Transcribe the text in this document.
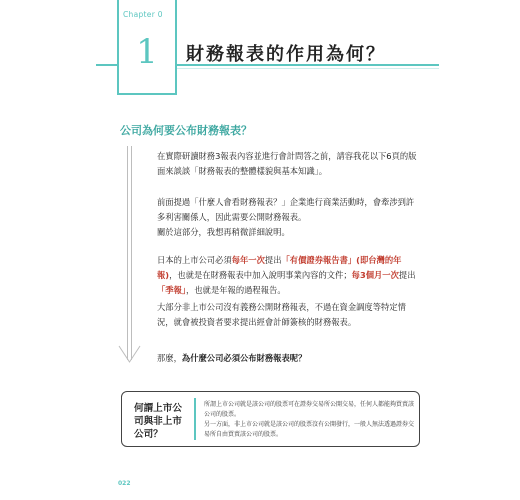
Chapter 0
1	財務報表的作用為何？
公司為何要公布財務報表？

在實際研讀財務3報表內容並進行會計問答之前，請容我花以下6頁的版面來談談「財務報表的整體樣貌與基本知識」。

前面提過「什麼人會看財務報表？」企業進行商業活動時，會牽涉到許多利害關係人，因此需要公開財務報表。

關於這部分，我想再稍微詳細說明。

日本的上市公司必須每年一次提出「有價證券報告書」(即台灣的年報)，也就是在財務報表中加入說明事業內容的文件；每3個月一次提出「季報」，也就是年報的過程報告。

大部分非上市公司沒有義務公開財務報表，不過在資金調度等特定情況，就會被投資者要求提出經會計師簽核的財務報表。

那麼，為什麼公司必須公布財務報表呢？

何謂上市公司與非上市公司？

所謂上市公司就是該公司的股票可在證券交易所公開交易，任何人都能夠買賣該公司的股票。

另一方面，非上市公司就是該公司的股票沒有公開發行，一般人無法透過證券交易所自由買賣該公司的股票。

022
